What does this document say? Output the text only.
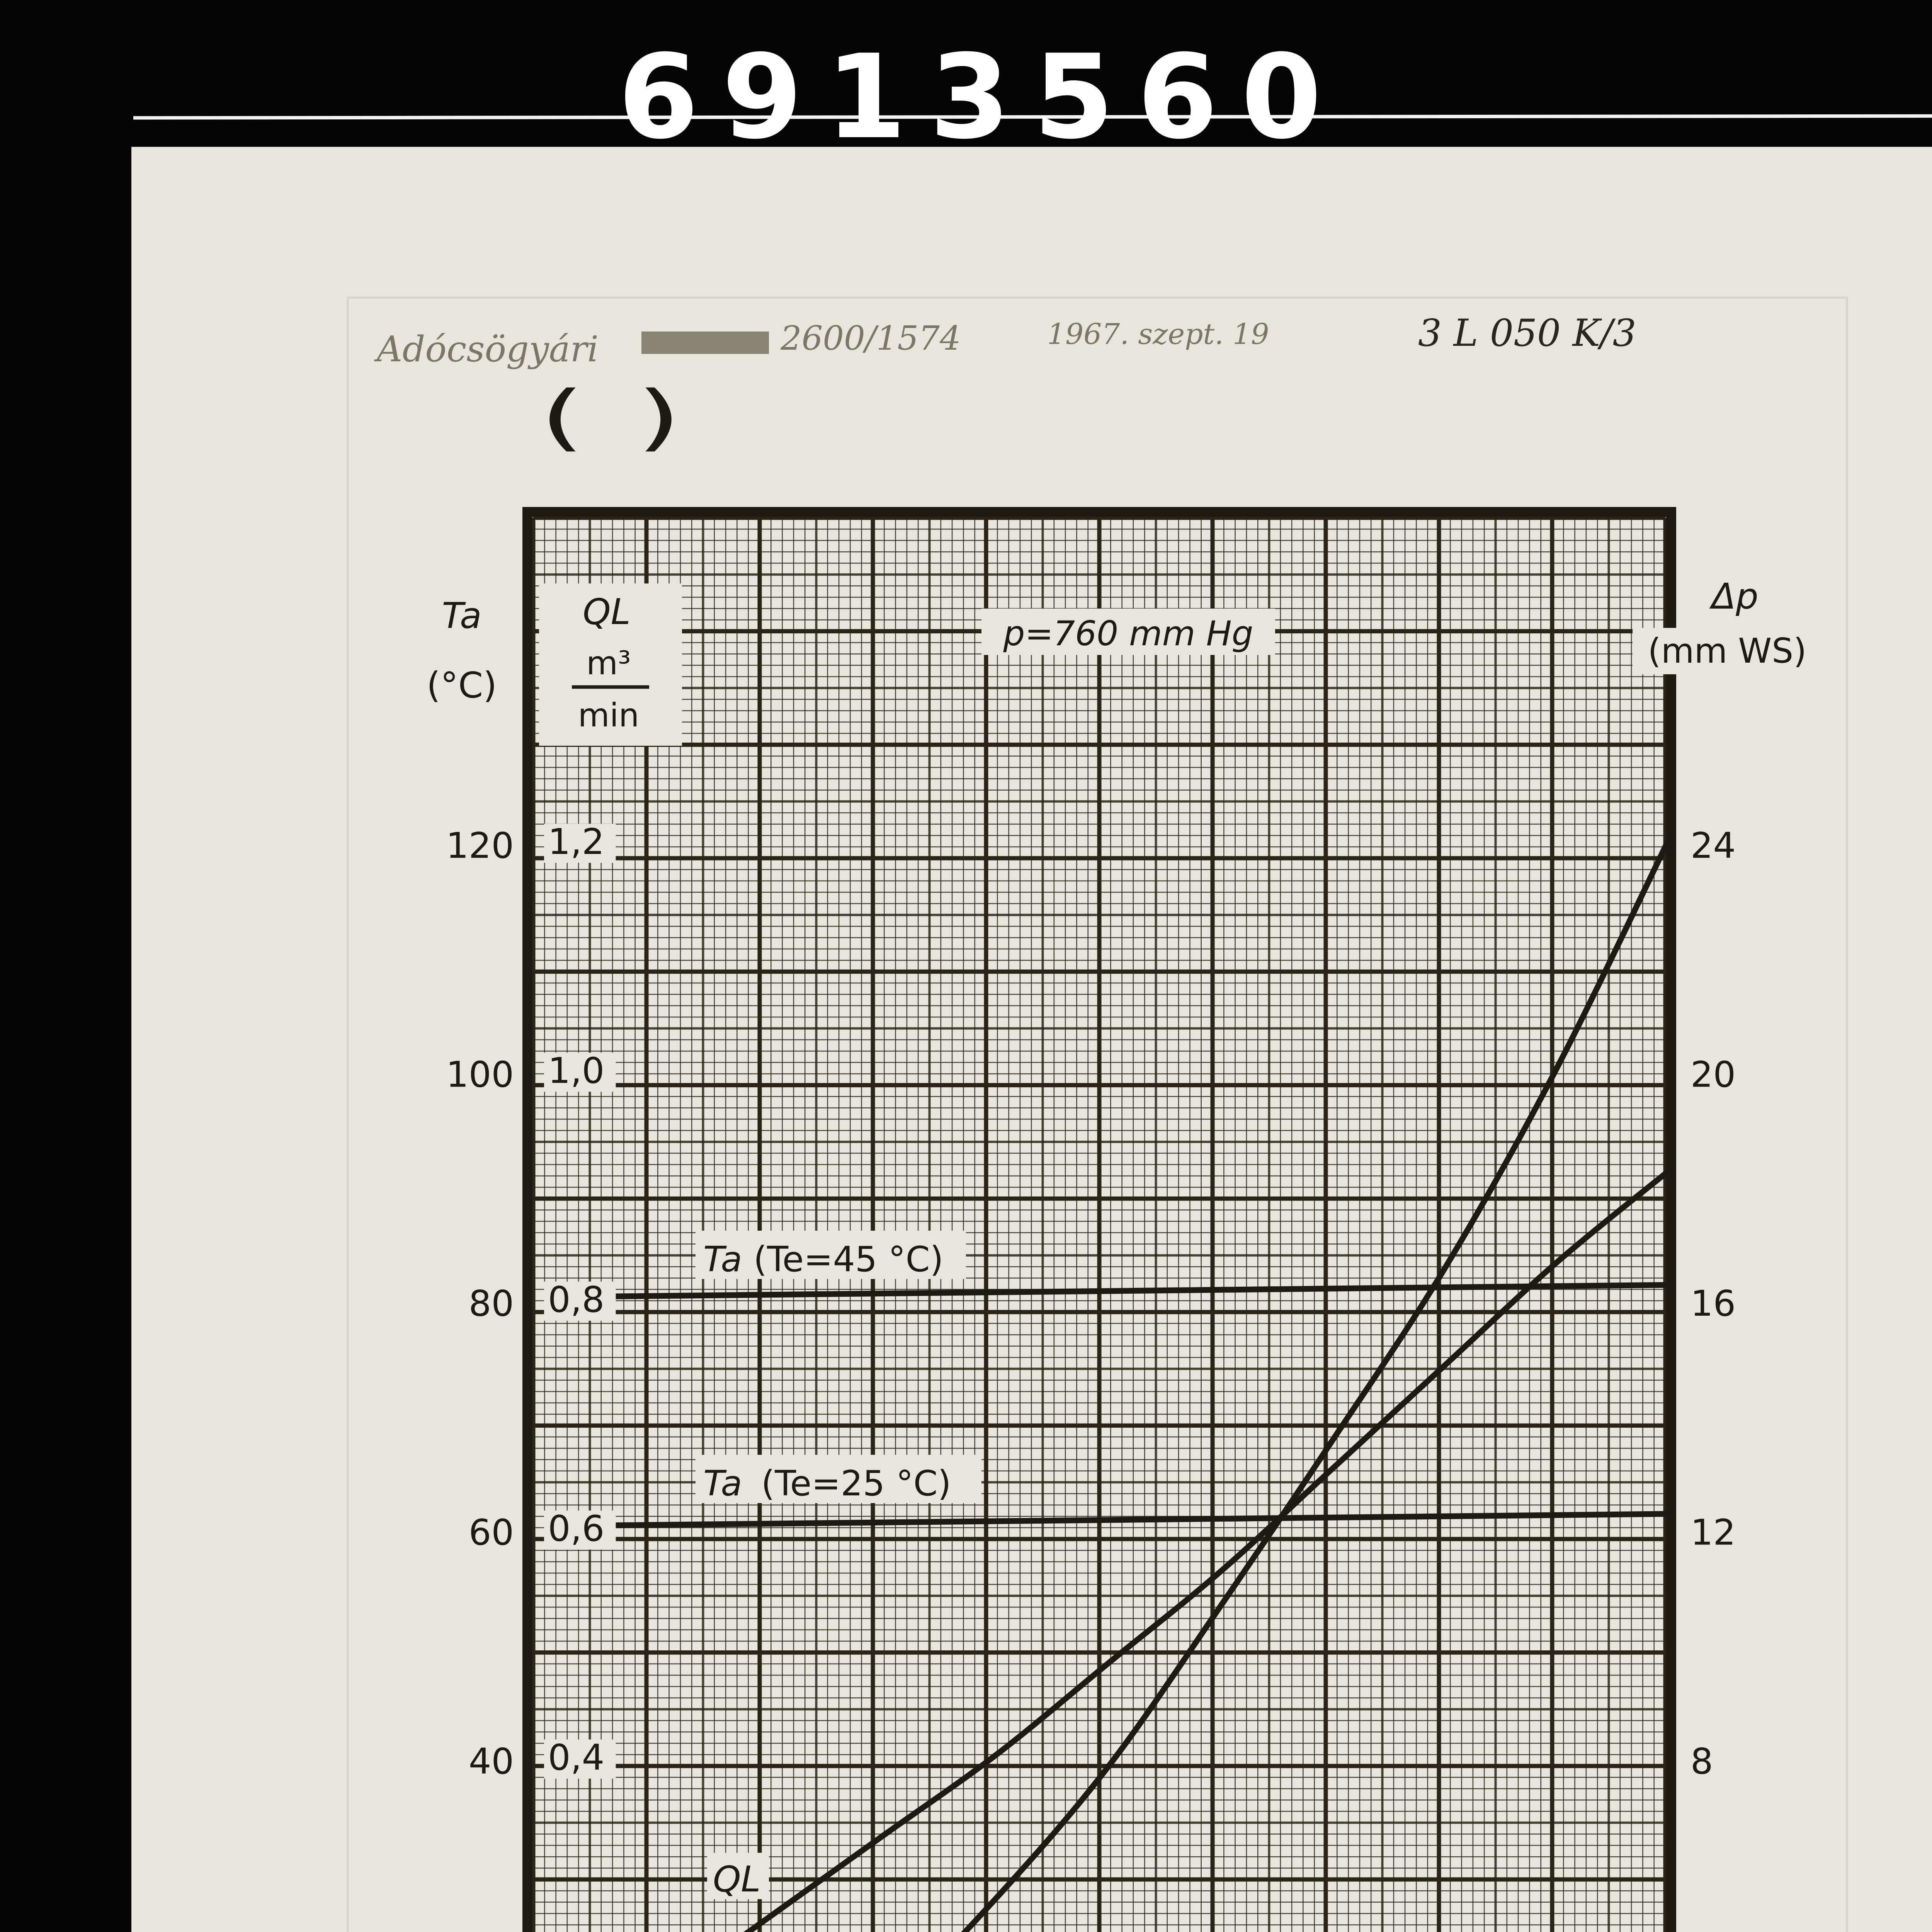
6913560
Adócsögyári	2600/1574	1967. szept. 19	3 L 050 K/3
p=760 mm Hg
Ta
(°C)
QL
(
m³
min
)
Δp
(mm WS)
40
60
80
100
120
0,4
0,6
0,8
1,0
1,2
8
12
16
20
24
Ta (Te=45 °C)
Ta (Te=25 °C)
QL
